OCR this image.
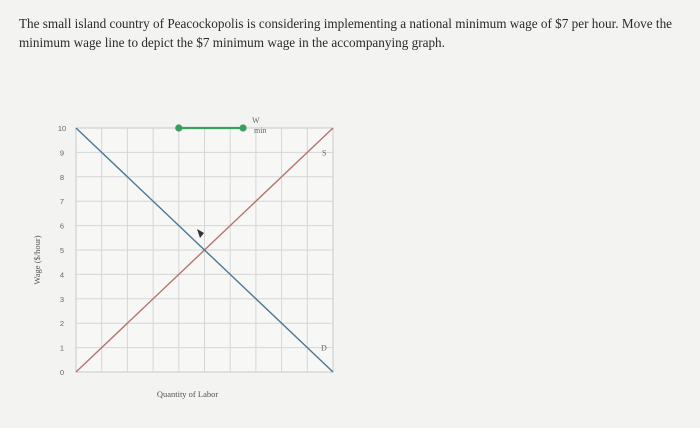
The small island country of Peacockopolis is considering implementing a national minimum wage of $7 per hour. Move the minimum wage line to depict the $7 minimum wage in the accompanying graph.

0
1
2
3
4
5
6
7
8
9
10
W
min
S
D
Quantity of Labor
Wage ($/hour)
